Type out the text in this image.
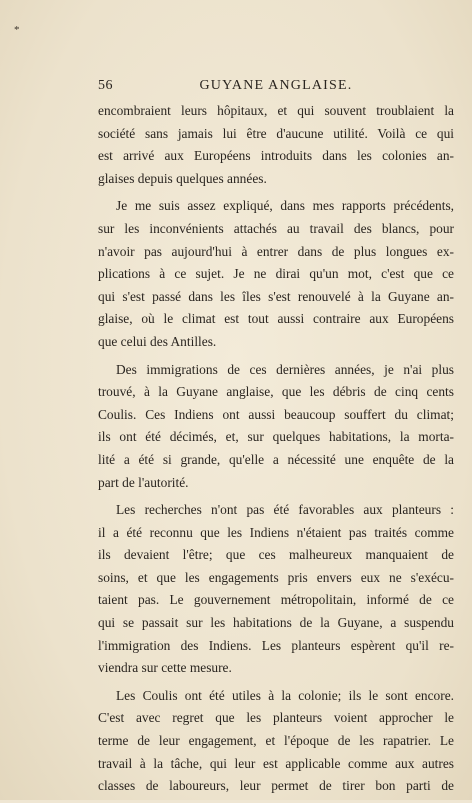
*
56	GUYANE ANGLAISE.
encombraient leurs hôpitaux, et qui souvent troublaient la
société sans jamais lui être d'aucune utilité. Voilà ce qui
est arrivé aux Européens introduits dans les colonies an-
glaises depuis quelques années.
Je me suis assez expliqué, dans mes rapports précédents,
sur les inconvénients attachés au travail des blancs, pour
n'avoir pas aujourd'hui à entrer dans de plus longues ex-
plications à ce sujet. Je ne dirai qu'un mot, c'est que ce
qui s'est passé dans les îles s'est renouvelé à la Guyane an-
glaise, où le climat est tout aussi contraire aux Européens
que celui des Antilles.
Des immigrations de ces dernières années, je n'ai plus
trouvé, à la Guyane anglaise, que les débris de cinq cents
Coulis. Ces Indiens ont aussi beaucoup souffert du climat;
ils ont été décimés, et, sur quelques habitations, la morta-
lité a été si grande, qu'elle a nécessité une enquête de la
part de l'autorité.
Les recherches n'ont pas été favorables aux planteurs :
il a été reconnu que les Indiens n'étaient pas traités comme
ils devaient l'être; que ces malheureux manquaient de
soins, et que les engagements pris envers eux ne s'exécu-
taient pas. Le gouvernement métropolitain, informé de ce
qui se passait sur les habitations de la Guyane, a suspendu
l'immigration des Indiens. Les planteurs espèrent qu'il re-
viendra sur cette mesure.
Les Coulis ont été utiles à la colonie; ils le sont encore.
C'est avec regret que les planteurs voient approcher le
terme de leur engagement, et l'époque de les rapatrier. Le
travail à la tâche, qui leur est applicable comme aux autres
classes de laboureurs, leur permet de tirer bon parti de
